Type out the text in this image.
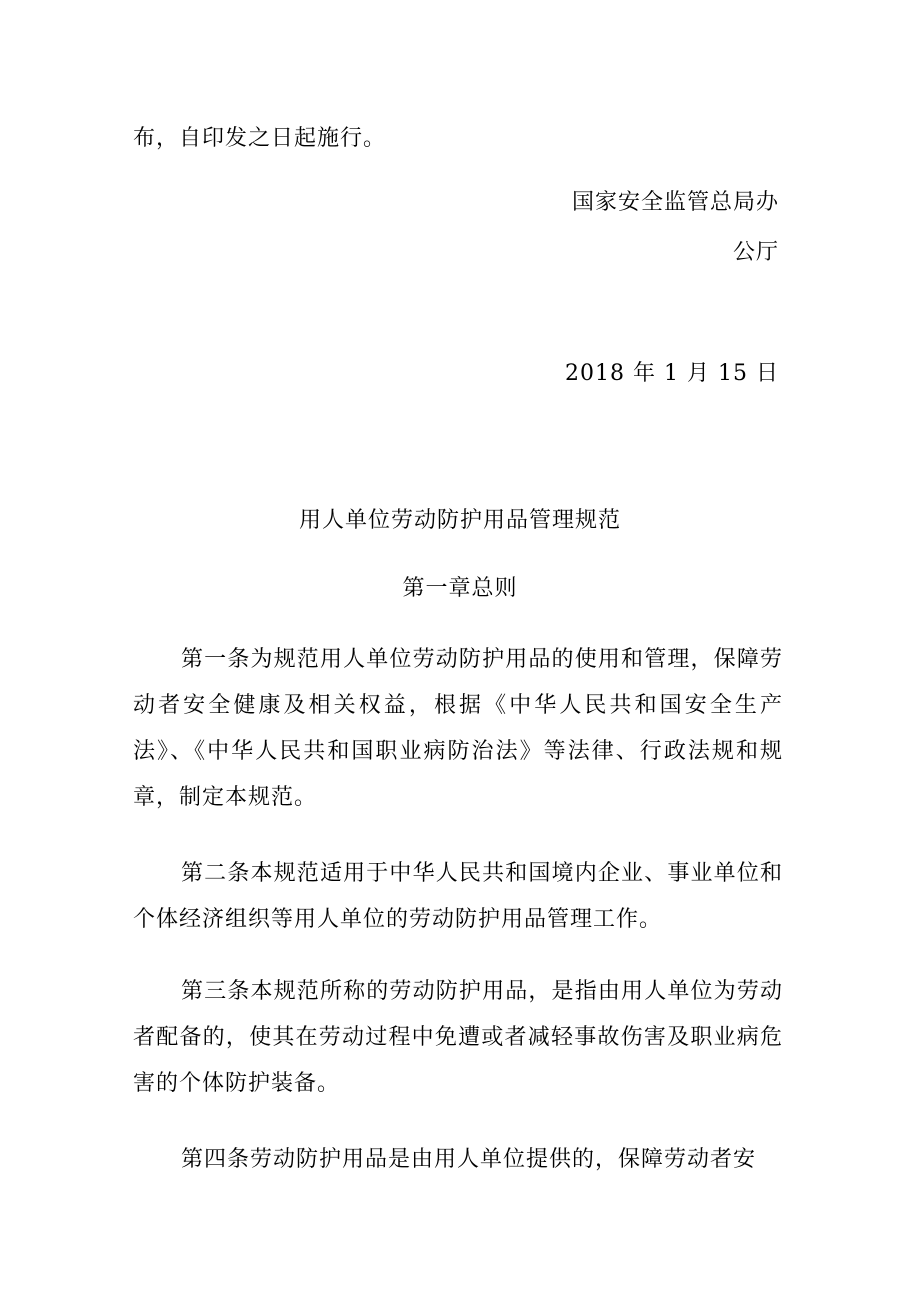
布，自印发之日起施行。
国家安全监管总局办
公厅
2018 年 1 月 15 日
用人单位劳动防护用品管理规范
第一章总则
第一条为规范用人单位劳动防护用品的使用和管理，保障劳动者安全健康及相关权益，根据《中华人民共和国安全生产法》、《中华人民共和国职业病防治法》等法律、行政法规和规章，制定本规范。
第二条本规范适用于中华人民共和国境内企业、事业单位和个体经济组织等用人单位的劳动防护用品管理工作。
第三条本规范所称的劳动防护用品，是指由用人单位为劳动者配备的，使其在劳动过程中免遭或者减轻事故伤害及职业病危害的个体防护装备。
第四条劳动防护用品是由用人单位提供的，保障劳动者安
